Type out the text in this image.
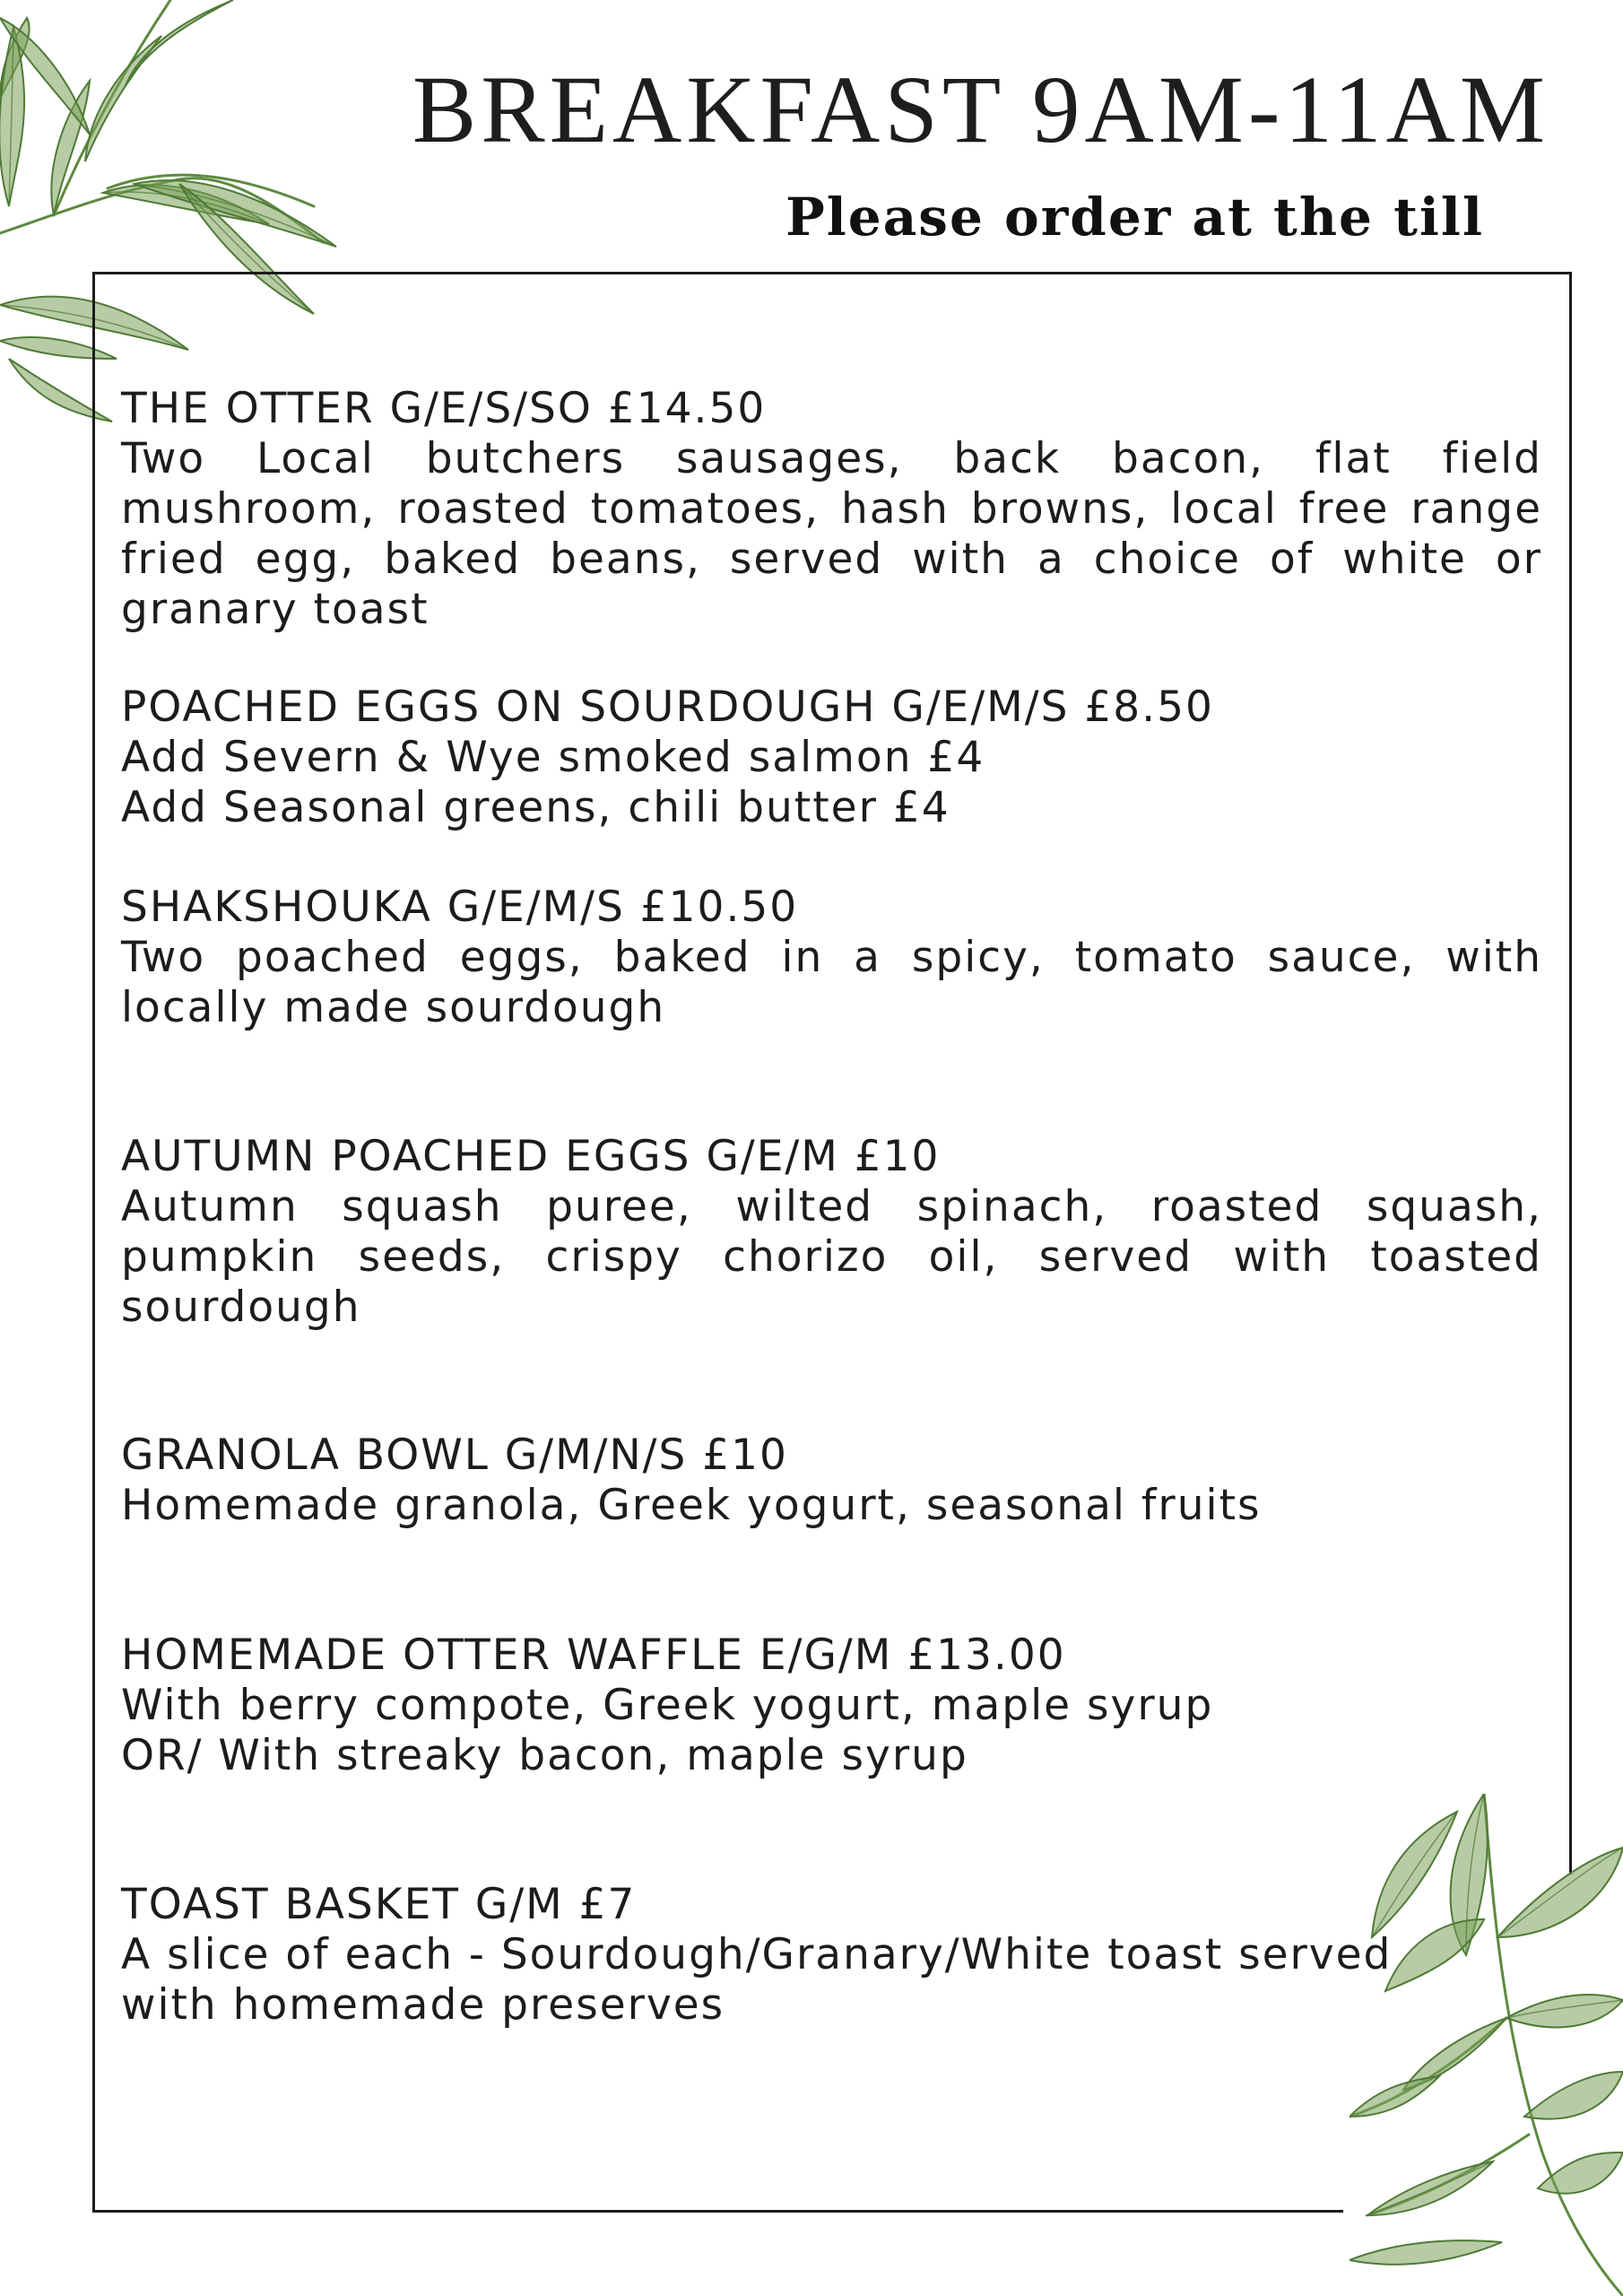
BREAKFAST 9AM-11AM
Please order at the till
THE OTTER G/E/S/SO £14.50
Two Local butchers sausages, back bacon, flat field mushroom, roasted tomatoes, hash browns, local free range fried egg, baked beans, served with a choice of white or granary toast
POACHED EGGS ON SOURDOUGH G/E/M/S £8.50
Add Severn & Wye smoked salmon £4
Add Seasonal greens, chili butter £4
SHAKSHOUKA G/E/M/S £10.50
Two poached eggs, baked in a spicy, tomato sauce, with locally made sourdough
AUTUMN POACHED EGGS G/E/M £10
Autumn squash puree, wilted spinach, roasted squash, pumpkin seeds, crispy chorizo oil, served with toasted sourdough
GRANOLA BOWL G/M/N/S £10
Homemade granola, Greek yogurt, seasonal fruits
HOMEMADE OTTER WAFFLE E/G/M £13.00
With berry compote, Greek yogurt, maple syrup
OR/ With streaky bacon, maple syrup
TOAST BASKET G/M £7
A slice of each - Sourdough/Granary/White toast served
with homemade preserves
